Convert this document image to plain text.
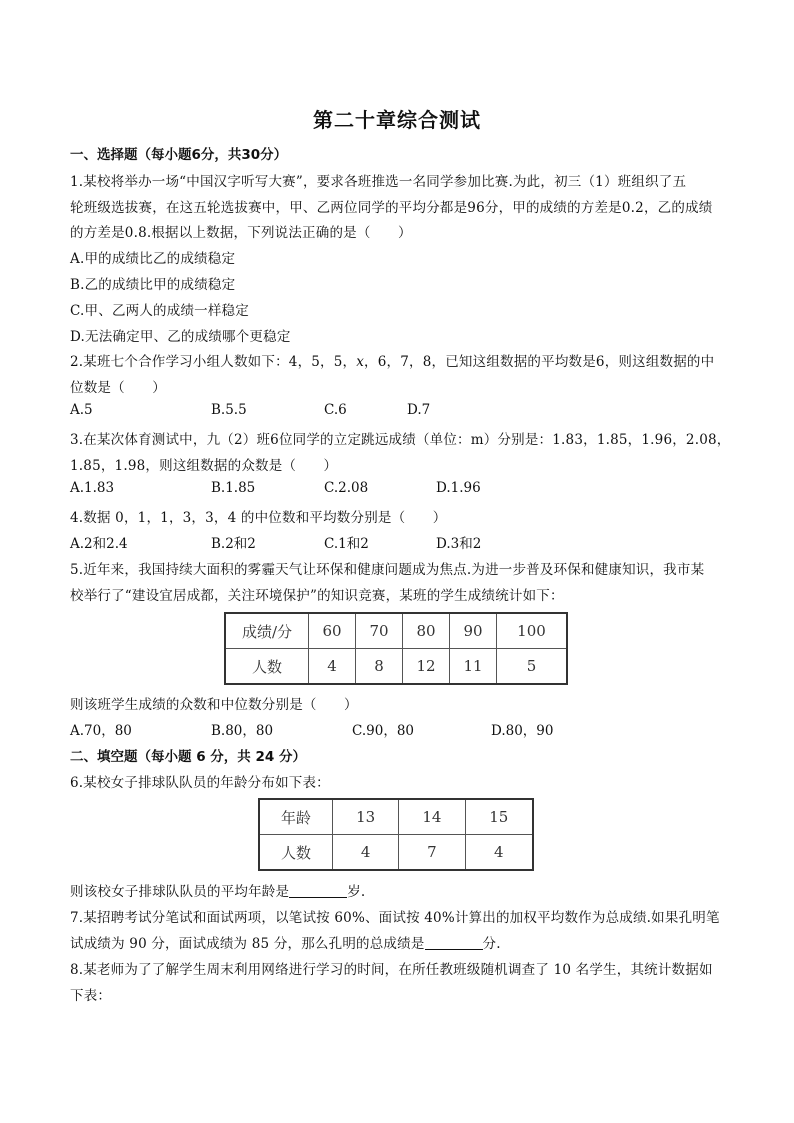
第二十章综合测试
一、选择题（每小题6分，共30分）
1.某校将举办一场“中国汉字听写大赛”，要求各班推选一名同学参加比赛.为此，初三（1）班组织了五
轮班级选拔赛，在这五轮选拔赛中，甲、乙两位同学的平均分都是96分，甲的成绩的方差是0.2，乙的成绩
的方差是0.8.根据以上数据，下列说法正确的是（　　）
A.甲的成绩比乙的成绩稳定
B.乙的成绩比甲的成绩稳定
C.甲、乙两人的成绩一样稳定
D.无法确定甲、乙的成绩哪个更稳定
2.某班七个合作学习小组人数如下：4，5，5，𝑥，6，7，8，已知这组数据的平均数是6，则这组数据的中
位数是（　　）
A.5	B.5.5	C.6	D.7
3.在某次体育测试中，九（2）班6位同学的立定跳远成绩（单位：m）分别是：1.83，1.85，1.96，2.08，
1.85，1.98，则这组数据的众数是（　　）
A.1.83	B.1.85	C.2.08	D.1.96
4.数据 0，1，1，3，3，4 的中位数和平均数分别是（　　）
A.2和2.4	B.2和2	C.1和2	D.3和2
5.近年来，我国持续大面积的雾霾天气让环保和健康问题成为焦点.为进一步普及环保和健康知识，我市某
校举行了“建设宜居成都，关注环境保护”的知识竞赛，某班的学生成绩统计如下：
成绩/分	60	70	80	90	100
人数	4	8	12	11	5
则该班学生成绩的众数和中位数分别是（　　）
A.70，80	B.80，80	C.90，80	D.80，90
二、填空题（每小题 6 分，共 24 分）
6.某校女子排球队队员的年龄分布如下表：
年龄	13	14	15
人数	4	7	4
则该校女子排球队队员的平均年龄是	岁.
7.某招聘考试分笔试和面试两项，以笔试按 60%、面试按 40%计算出的加权平均数作为总成绩.如果孔明笔
试成绩为 90 分，面试成绩为 85 分，那么孔明的总成绩是	分.
8.某老师为了了解学生周末利用网络进行学习的时间，在所任教班级随机调查了 10 名学生，其统计数据如
下表：
